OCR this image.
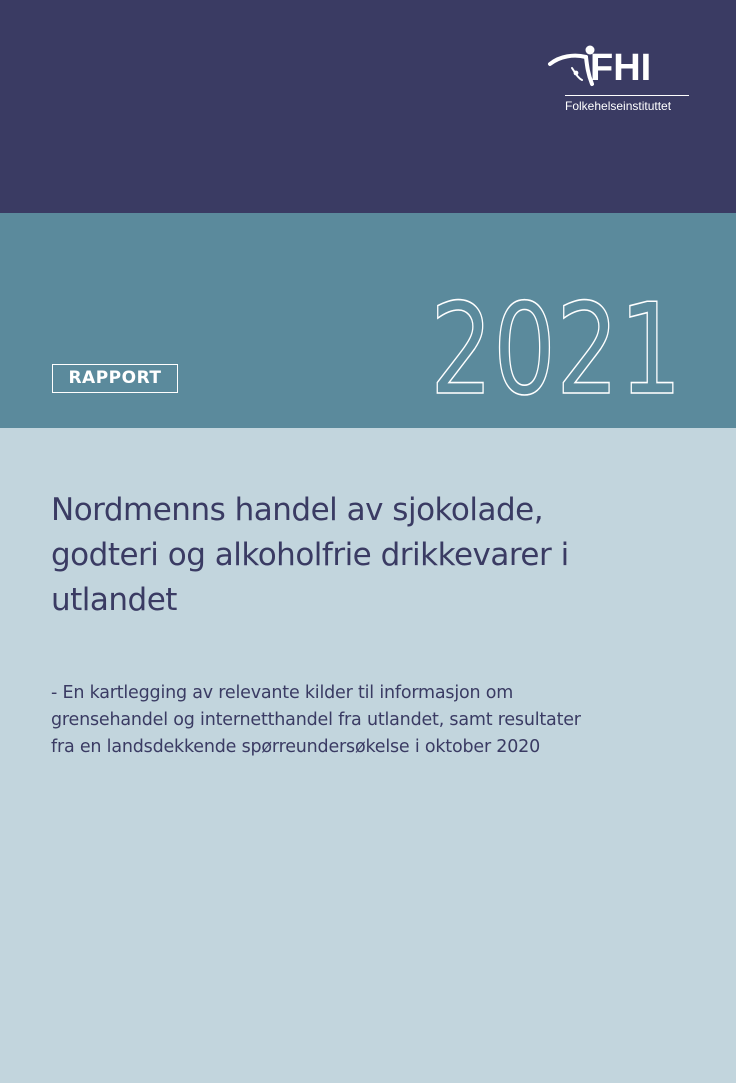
FHI
Folkehelseinstituttet
RAPPORT 2021
Nordmenns handel av sjokolade,
godteri og alkoholfrie drikkevarer i
utlandet

- En kartlegging av relevante kilder til informasjon om
grensehandel og internetthandel fra utlandet, samt resultater
fra en landsdekkende spørreundersøkelse i oktober 2020
